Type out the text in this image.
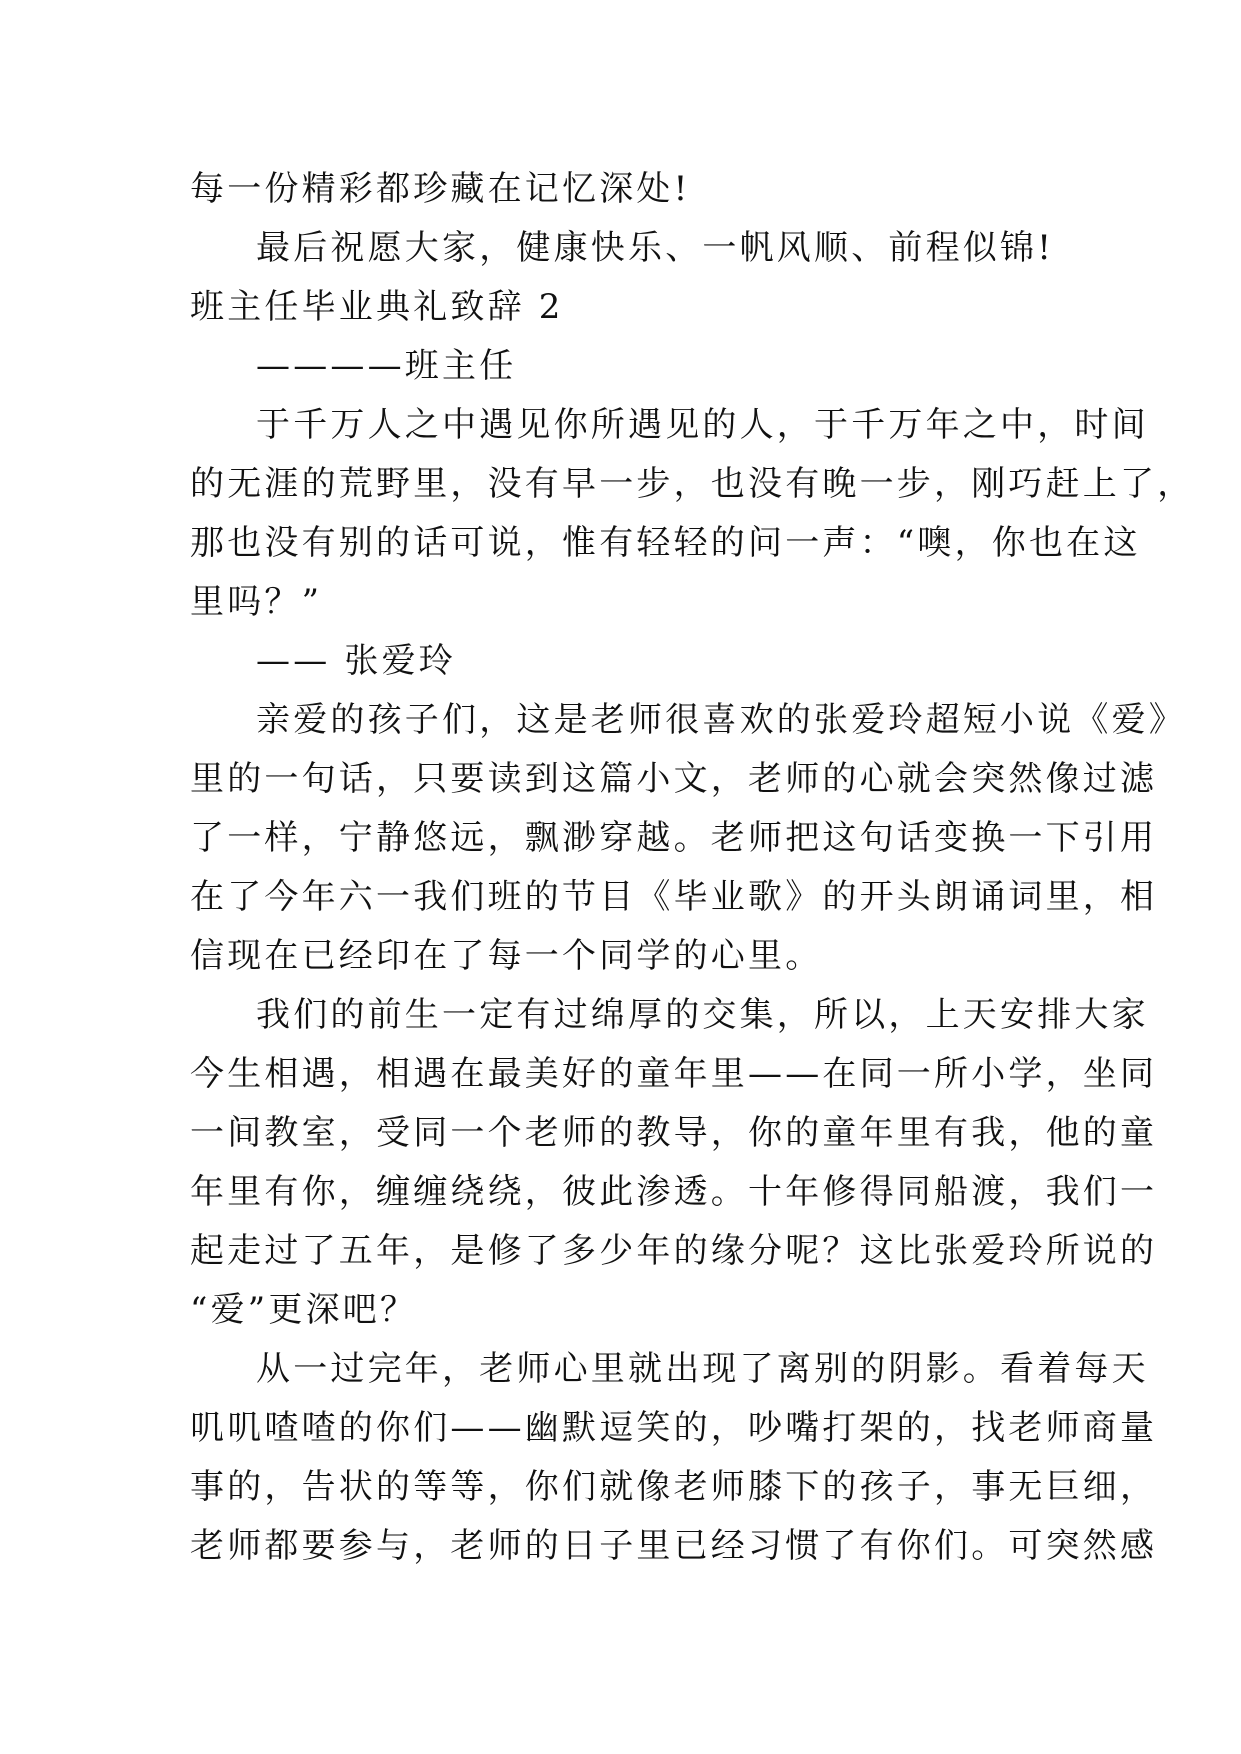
每一份精彩都珍藏在记忆深处!
最后祝愿大家，健康快乐、一帆风顺、前程似锦!
班主任毕业典礼致辞 2
————班主任
于千万人之中遇见你所遇见的人，于千万年之中，时间
的无涯的荒野里，没有早一步，也没有晚一步，刚巧赶上了，
那也没有别的话可说，惟有轻轻的问一声：“噢，你也在这
里吗？”
—— 张爱玲
亲爱的孩子们，这是老师很喜欢的张爱玲超短小说《爱》
里的一句话，只要读到这篇小文，老师的心就会突然像过滤
了一样，宁静悠远，飘渺穿越。老师把这句话变换一下引用
在了今年六一我们班的节目《毕业歌》的开头朗诵词里，相
信现在已经印在了每一个同学的心里。
我们的前生一定有过绵厚的交集，所以，上天安排大家
今生相遇，相遇在最美好的童年里——在同一所小学，坐同
一间教室，受同一个老师的教导，你的童年里有我，他的童
年里有你，缠缠绕绕，彼此渗透。十年修得同船渡，我们一
起走过了五年，是修了多少年的缘分呢？这比张爱玲所说的
“爱”更深吧？
从一过完年，老师心里就出现了离别的阴影。看着每天
叽叽喳喳的你们——幽默逗笑的，吵嘴打架的，找老师商量
事的，告状的等等，你们就像老师膝下的孩子，事无巨细，
老师都要参与，老师的日子里已经习惯了有你们。可突然感
